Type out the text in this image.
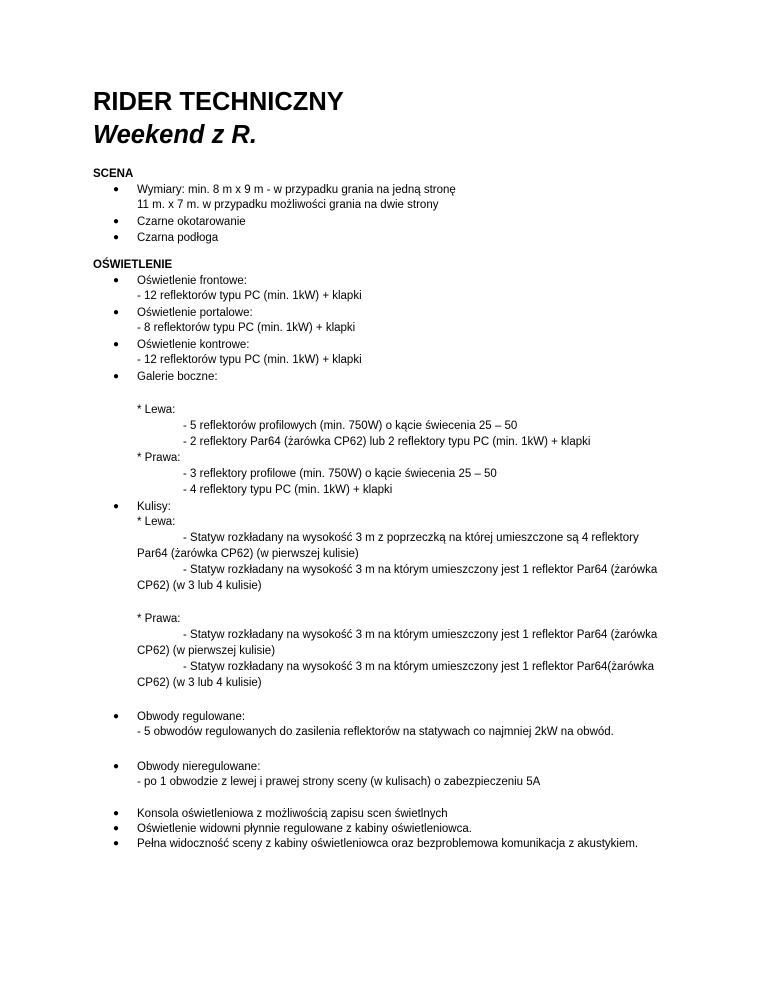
RIDER TECHNICZNY
Weekend z R.
SCENA
● Wymiary: min. 8 m x 9 m - w przypadku grania na jedną stronę
11 m. x 7 m. w przypadku możliwości grania na dwie strony
● Czarne okotarowanie
● Czarna podłoga
OŚWIETLENIE
● Oświetlenie frontowe:
- 12 reflektorów typu PC (min. 1kW) + klapki
● Oświetlenie portalowe:
- 8 reflektorów typu PC (min. 1kW) + klapki
● Oświetlenie kontrowe:
- 12 reflektorów typu PC (min. 1kW) + klapki
● Galerie boczne:
* Lewa:
- 5 reflektorów profilowych (min. 750W) o kącie świecenia 25 – 50
- 2 reflektory Par64 (żarówka CP62) lub 2 reflektory typu PC (min. 1kW) + klapki
* Prawa:
- 3 reflektory profilowe (min. 750W) o kącie świecenia 25 – 50
- 4 reflektory typu PC (min. 1kW) + klapki
● Kulisy:
* Lewa:
- Statyw rozkładany na wysokość 3 m z poprzeczką na której umieszczone są 4 reflektory
Par64 (żarówka CP62) (w pierwszej kulisie)
- Statyw rozkładany na wysokość 3 m na którym umieszczony jest 1 reflektor Par64 (żarówka
CP62) (w 3 lub 4 kulisie)
* Prawa:
- Statyw rozkładany na wysokość 3 m na którym umieszczony jest 1 reflektor Par64 (żarówka
CP62) (w pierwszej kulisie)
- Statyw rozkładany na wysokość 3 m na którym umieszczony jest 1 reflektor Par64(żarówka
CP62) (w 3 lub 4 kulisie)
● Obwody regulowane:
- 5 obwodów regulowanych do zasilenia reflektorów na statywach co najmniej 2kW na obwód.
● Obwody nieregulowane:
- po 1 obwodzie z lewej i prawej strony sceny (w kulisach) o zabezpieczeniu 5A
● Konsola oświetleniowa z możliwością zapisu scen świetlnych
● Oświetlenie widowni płynnie regulowane z kabiny oświetleniowca.
● Pełna widoczność sceny z kabiny oświetleniowca oraz bezproblemowa komunikacja z akustykiem.
